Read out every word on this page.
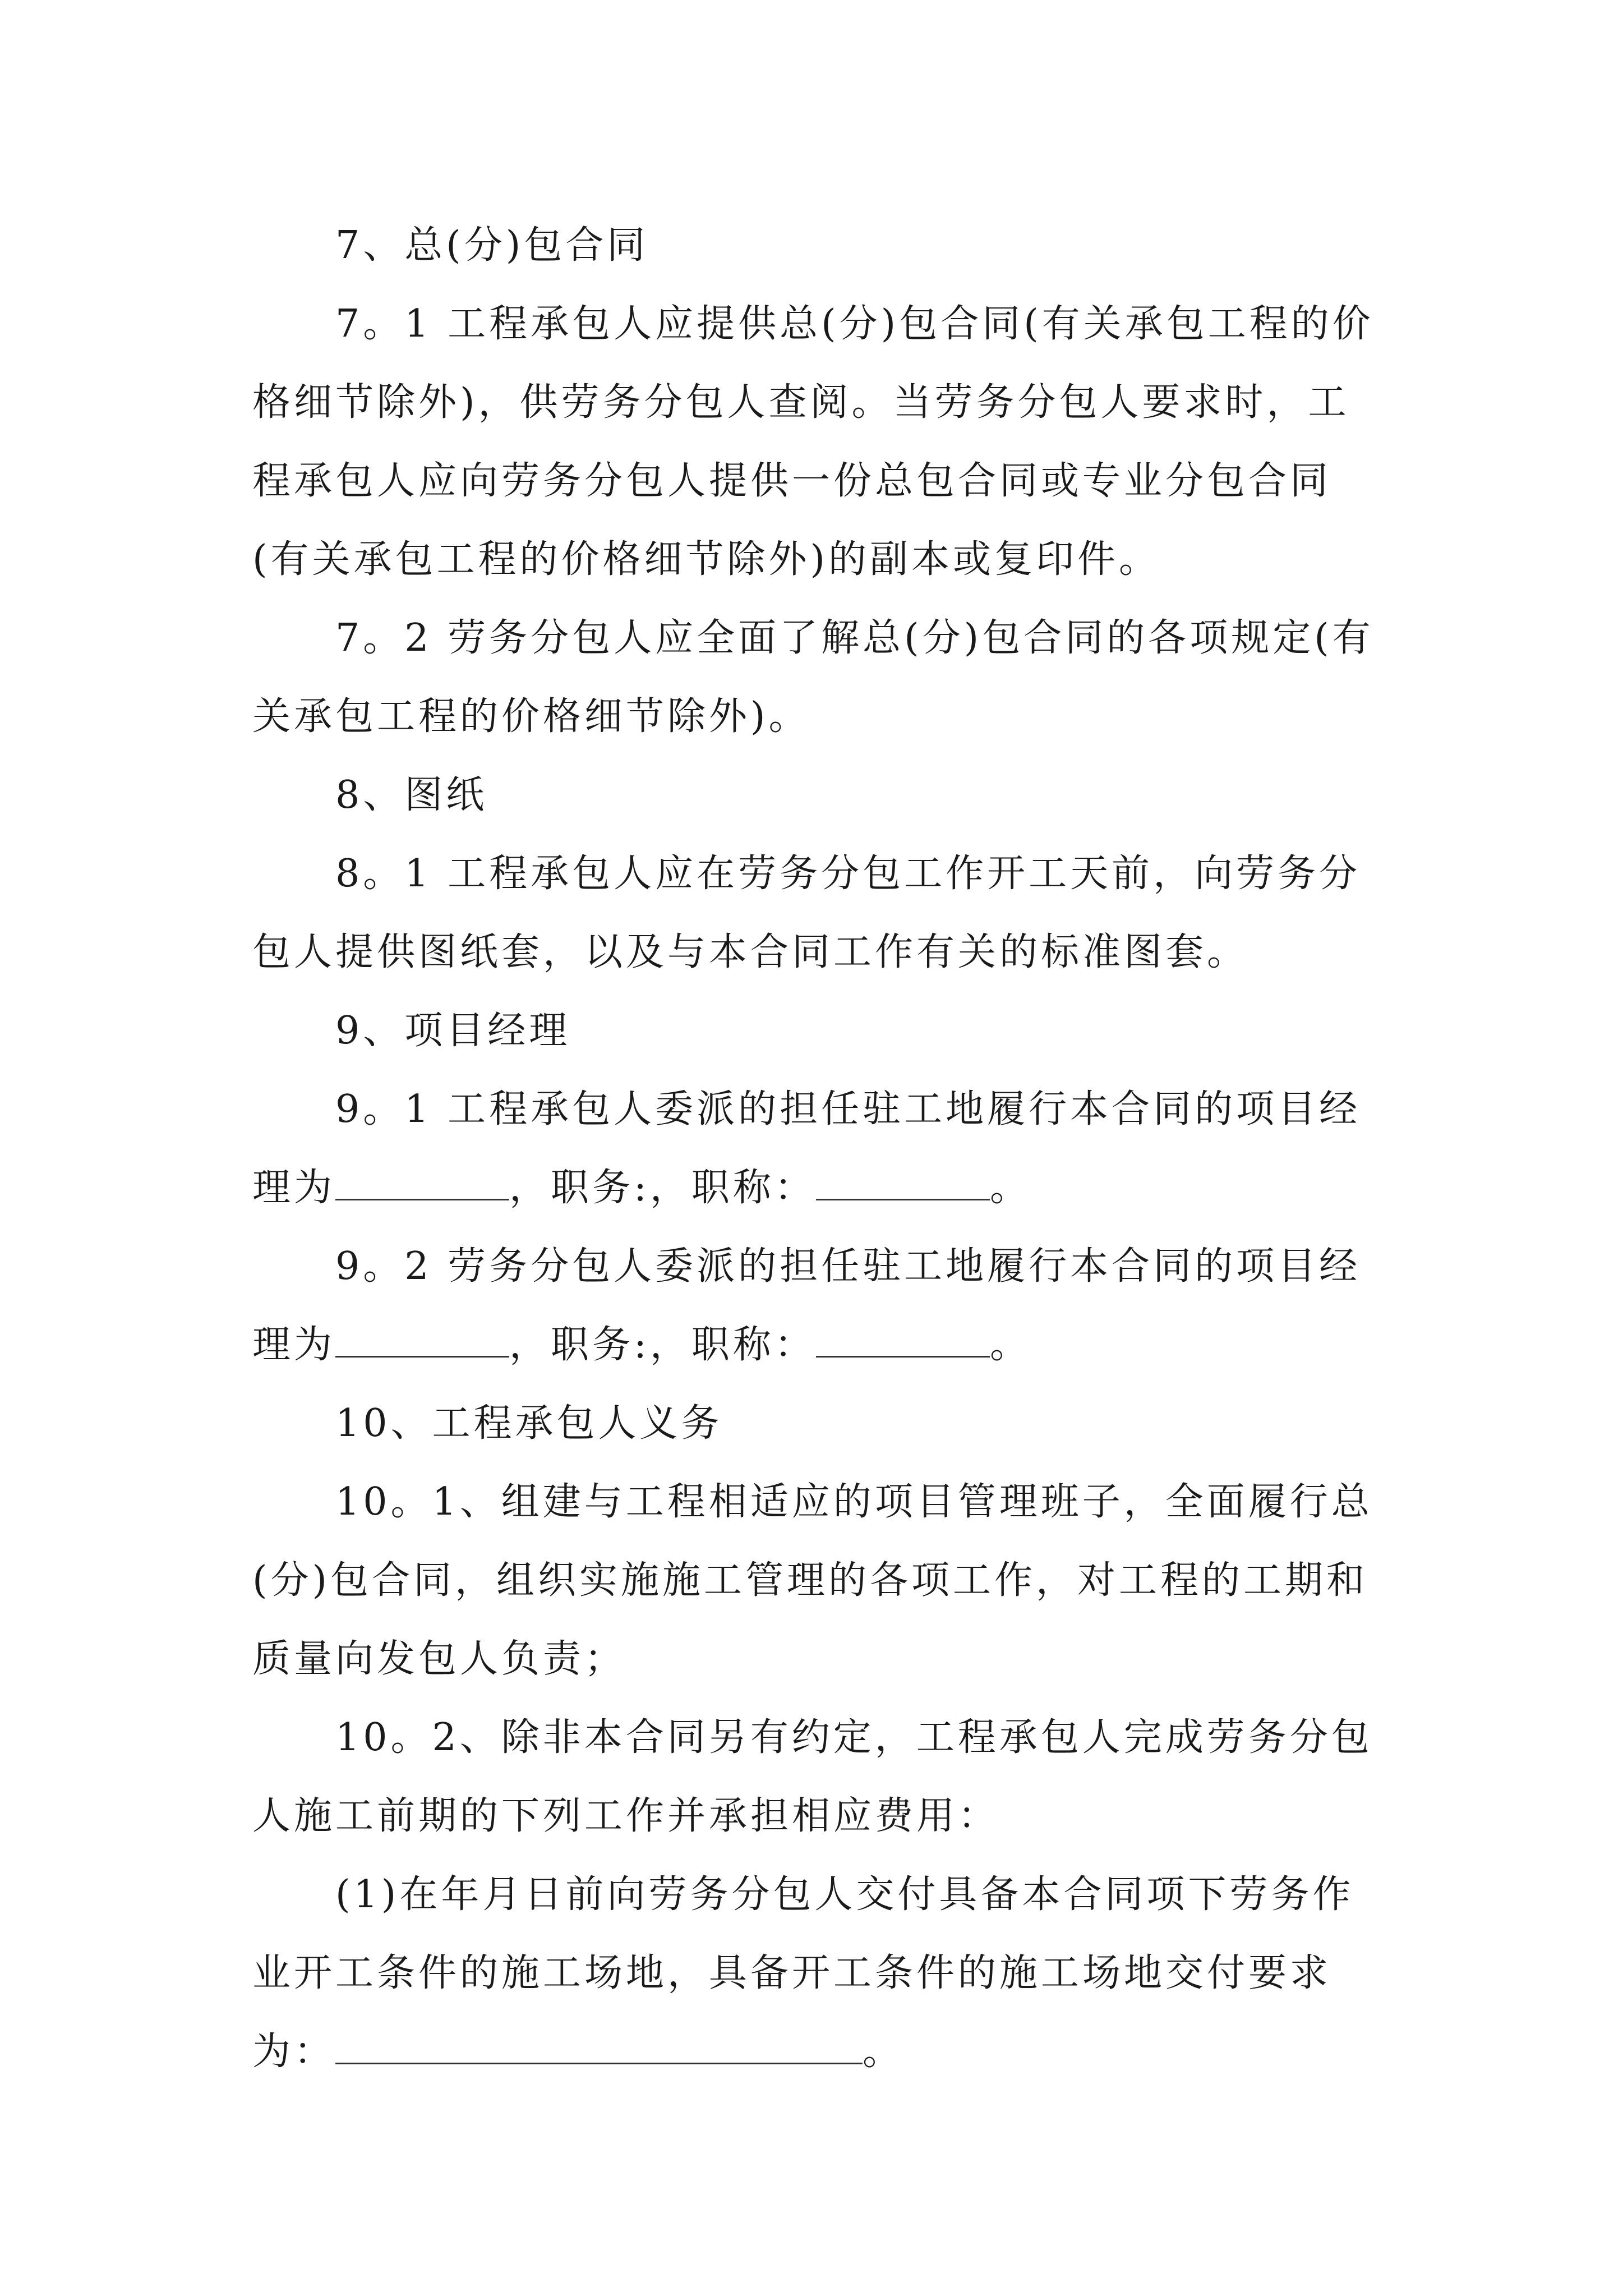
7、总(分)包合同

7。1 工程承包人应提供总(分)包合同(有关承包工程的价格细节除外)，供劳务分包人查阅。当劳务分包人要求时，工程承包人应向劳务分包人提供一份总包合同或专业分包合同(有关承包工程的价格细节除外)的副本或复印件。

7。2 劳务分包人应全面了解总(分)包合同的各项规定(有关承包工程的价格细节除外)。

8、图纸

8。1 工程承包人应在劳务分包工作开工天前，向劳务分包人提供图纸套，以及与本合同工作有关的标准图套。

9、项目经理

9。1 工程承包人委派的担任驻工地履行本合同的项目经理为	，职务:，职称：	。

9。2 劳务分包人委派的担任驻工地履行本合同的项目经理为	，职务:，职称：	。

10、工程承包人义务

10。1、组建与工程相适应的项目管理班子，全面履行总(分)包合同，组织实施施工管理的各项工作，对工程的工期和质量向发包人负责；

10。2、除非本合同另有约定，工程承包人完成劳务分包人施工前期的下列工作并承担相应费用：

(1)在年月日前向劳务分包人交付具备本合同项下劳务作业开工条件的施工场地，具备开工条件的施工场地交付要求为：	。
